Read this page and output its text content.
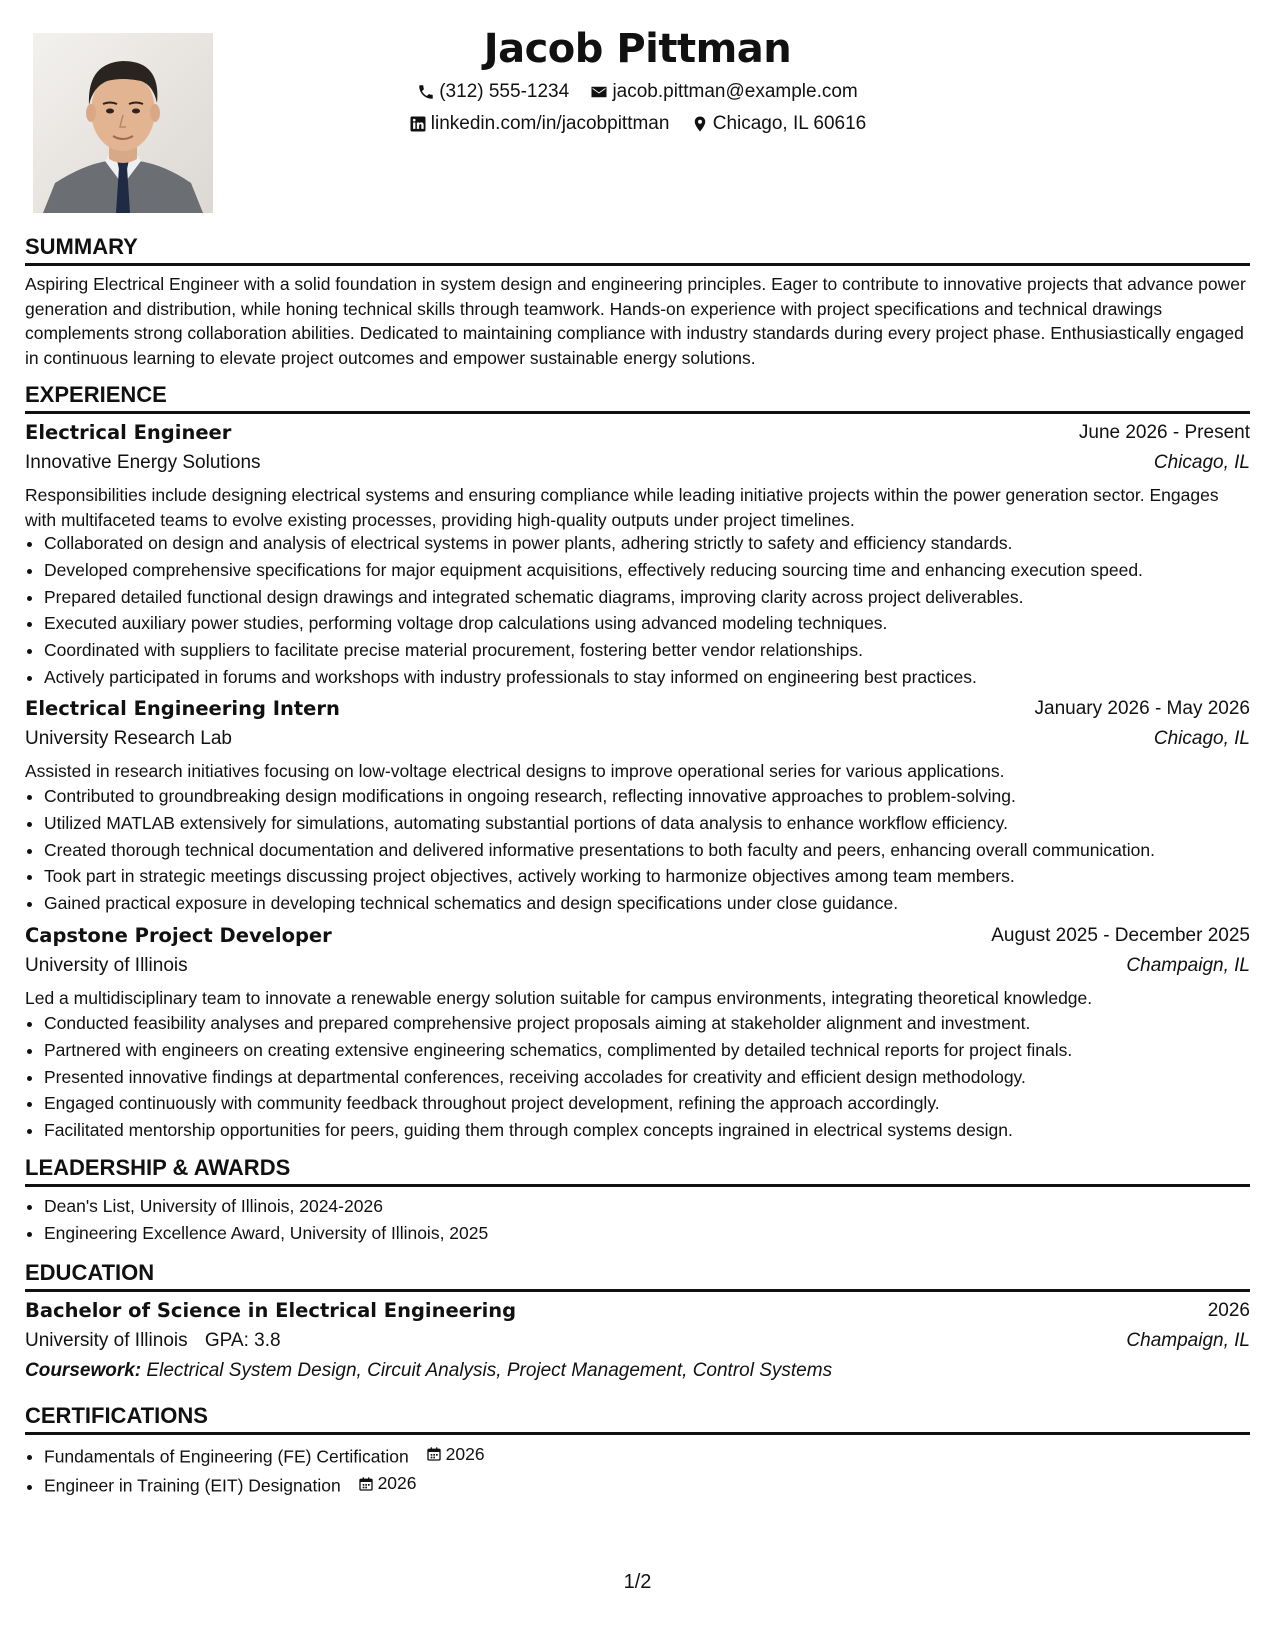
Jacob Pittman
(312) 555-1234
jacob.pittman@example.com
linkedin.com/in/jacobpittman
Chicago, IL 60616
SUMMARY
Aspiring Electrical Engineer with a solid foundation in system design and engineering principles. Eager to contribute to innovative projects that advance power generation and distribution, while honing technical skills through teamwork. Hands-on experience with project specifications and technical drawings complements strong collaboration abilities. Dedicated to maintaining compliance with industry standards during every project phase. Enthusiastically engaged in continuous learning to elevate project outcomes and empower sustainable energy solutions.
EXPERIENCE
Electrical Engineer	June 2026 - Present
Innovative Energy Solutions	Chicago, IL
Responsibilities include designing electrical systems and ensuring compliance while leading initiative projects within the power generation sector. Engages with multifaceted teams to evolve existing processes, providing high-quality outputs under project timelines.
• Collaborated on design and analysis of electrical systems in power plants, adhering strictly to safety and efficiency standards.
• Developed comprehensive specifications for major equipment acquisitions, effectively reducing sourcing time and enhancing execution speed.
• Prepared detailed functional design drawings and integrated schematic diagrams, improving clarity across project deliverables.
• Executed auxiliary power studies, performing voltage drop calculations using advanced modeling techniques.
• Coordinated with suppliers to facilitate precise material procurement, fostering better vendor relationships.
• Actively participated in forums and workshops with industry professionals to stay informed on engineering best practices.
Electrical Engineering Intern	January 2026 - May 2026
University Research Lab	Chicago, IL
Assisted in research initiatives focusing on low-voltage electrical designs to improve operational series for various applications.
• Contributed to groundbreaking design modifications in ongoing research, reflecting innovative approaches to problem-solving.
• Utilized MATLAB extensively for simulations, automating substantial portions of data analysis to enhance workflow efficiency.
• Created thorough technical documentation and delivered informative presentations to both faculty and peers, enhancing overall communication.
• Took part in strategic meetings discussing project objectives, actively working to harmonize objectives among team members.
• Gained practical exposure in developing technical schematics and design specifications under close guidance.
Capstone Project Developer	August 2025 - December 2025
University of Illinois	Champaign, IL
Led a multidisciplinary team to innovate a renewable energy solution suitable for campus environments, integrating theoretical knowledge.
• Conducted feasibility analyses and prepared comprehensive project proposals aiming at stakeholder alignment and investment.
• Partnered with engineers on creating extensive engineering schematics, complimented by detailed technical reports for project finals.
• Presented innovative findings at departmental conferences, receiving accolades for creativity and efficient design methodology.
• Engaged continuously with community feedback throughout project development, refining the approach accordingly.
• Facilitated mentorship opportunities for peers, guiding them through complex concepts ingrained in electrical systems design.
LEADERSHIP & AWARDS
• Dean's List, University of Illinois, 2024-2026
• Engineering Excellence Award, University of Illinois, 2025
EDUCATION
Bachelor of Science in Electrical Engineering	2026
University of Illinois GPA: 3.8	Champaign, IL
Coursework: Electrical System Design, Circuit Analysis, Project Management, Control Systems
CERTIFICATIONS
• Fundamentals of Engineering (FE) Certification 2026
• Engineer in Training (EIT) Designation 2026
1/2
